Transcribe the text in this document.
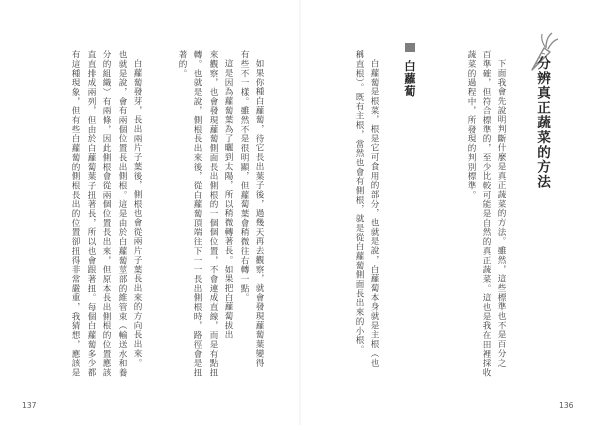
分辨真正蔬菜的方法
下面我會先說明判斷什麼是真正蔬菜的方法。雖然，這些標準也不是百分之
百準確，但符合標準的，至少比較可能是自然的真正蔬菜。這也是我在田裡採收
蔬菜的過程中，所發現的判別標準。
白蘿蔔
白蘿蔔是根菜，根是它可食用的部分，也就是說，白蘿蔔本身就是主根（也
稱直根）。既有主根，當然也會有側根，就是從白蘿蔔側面長出來的小根。
如果你種白蘿蔔，待它長出葉子後，過幾天再去觀察，就會發現蘿蔔葉變得
有些不一樣。雖然不是很明顯，但蘿蔔葉會稍微往右轉一點。
這是因為蘿蔔葉為了曬到太陽，所以稍微轉著長。如果把白蘿蔔拔出
來觀察，也會發現蘿蔔側面長出側根的一個個位置，不會連成直線，而是有點扭
轉。也就是說，側根長出來後，從白蘿蔔頂端往下一一長出側根時，路徑會是扭
著的。
白蘿蔔發芽，長出兩片子葉後，側根也會從兩片子葉長出來的方向長出來。
也就是說，會有兩個位置長出側根。這是由於白蘿蔔莖部的維管束（輸送水和養
分的組織）有兩條，因此側根會從兩個位置長出來，但原本長出側根的位置應該
直直排成兩列，但由於白蘿蔔葉子扭著長，所以也會跟著扭。每個白蘿蔔多少都
有這種現象，但有些白蘿蔔的側根長出的位置卻扭得非常嚴重，我猜想，應該是
137	136
